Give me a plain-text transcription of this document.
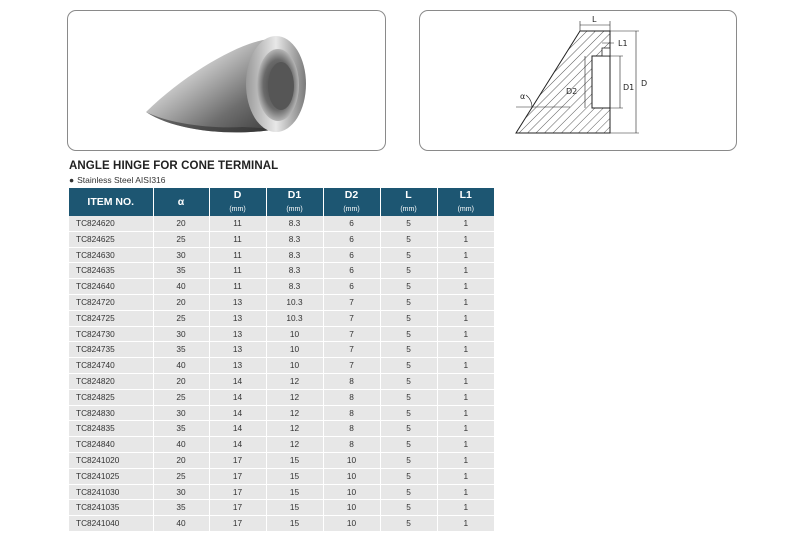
α
L
L1
D2	D1 D
ANGLE HINGE FOR CONE TERMINAL
● Stainless Steel AISI316
ITEM NO.	α	D	D1	D2	L	L1
		(mm)	(mm)	(mm)	(mm)	(mm)
TC824620	20	11	8.3	6	5	1
TC824625	25	11	8.3	6	5	1
TC824630	30	11	8.3	6	5	1
TC824635	35	11	8.3	6	5	1
TC824640	40	11	8.3	6	5	1
TC824720	20	13	10.3	7	5	1
TC824725	25	13	10.3	7	5	1
TC824730	30	13	10	7	5	1
TC824735	35	13	10	7	5	1
TC824740	40	13	10	7	5	1
TC824820	20	14	12	8	5	1
TC824825	25	14	12	8	5	1
TC824830	30	14	12	8	5	1
TC824835	35	14	12	8	5	1
TC824840	40	14	12	8	5	1
TC8241020	20	17	15	10	5	1
TC8241025	25	17	15	10	5	1
TC8241030	30	17	15	10	5	1
TC8241035	35	17	15	10	5	1
TC8241040	40	17	15	10	5	1
